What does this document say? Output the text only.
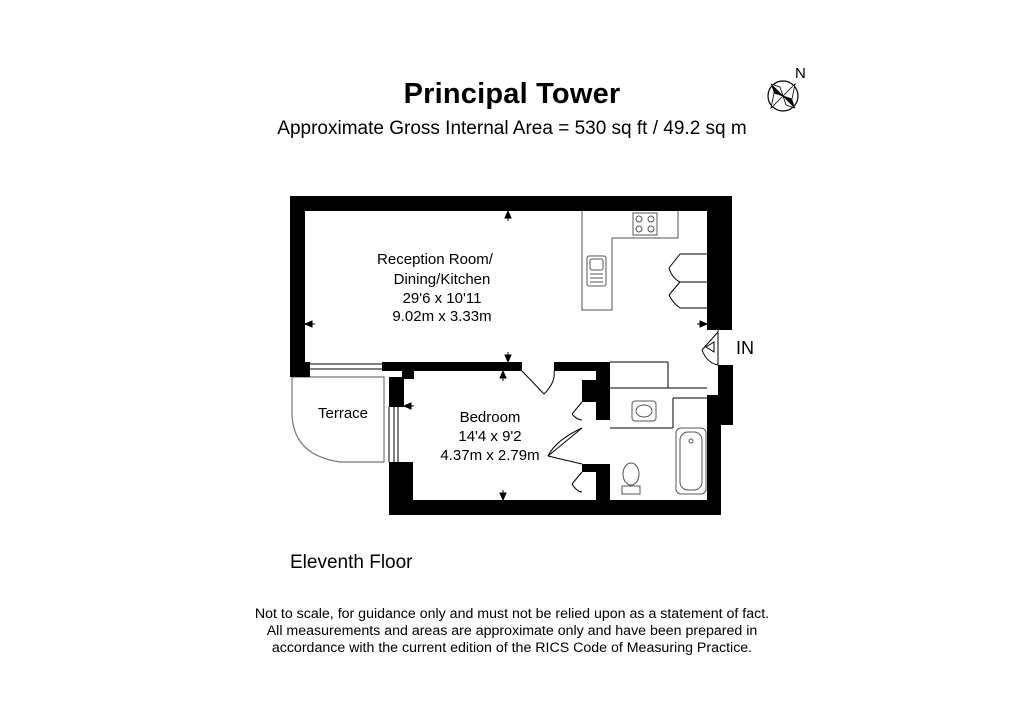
Principal Tower
Approximate Gross Internal Area = 530 sq ft / 49.2 sq m
N
IN
Reception Room/
Dining/Kitchen
29'6 x 10'11
9.02m x 3.33m
Bedroom
14'4 x 9'2
4.37m x 2.79m
Terrace
Eleventh Floor
Not to scale, for guidance only and must not be relied upon as a statement of fact.
All measurements and areas are approximate only and have been prepared in
accordance with the current edition of the RICS Code of Measuring Practice.
